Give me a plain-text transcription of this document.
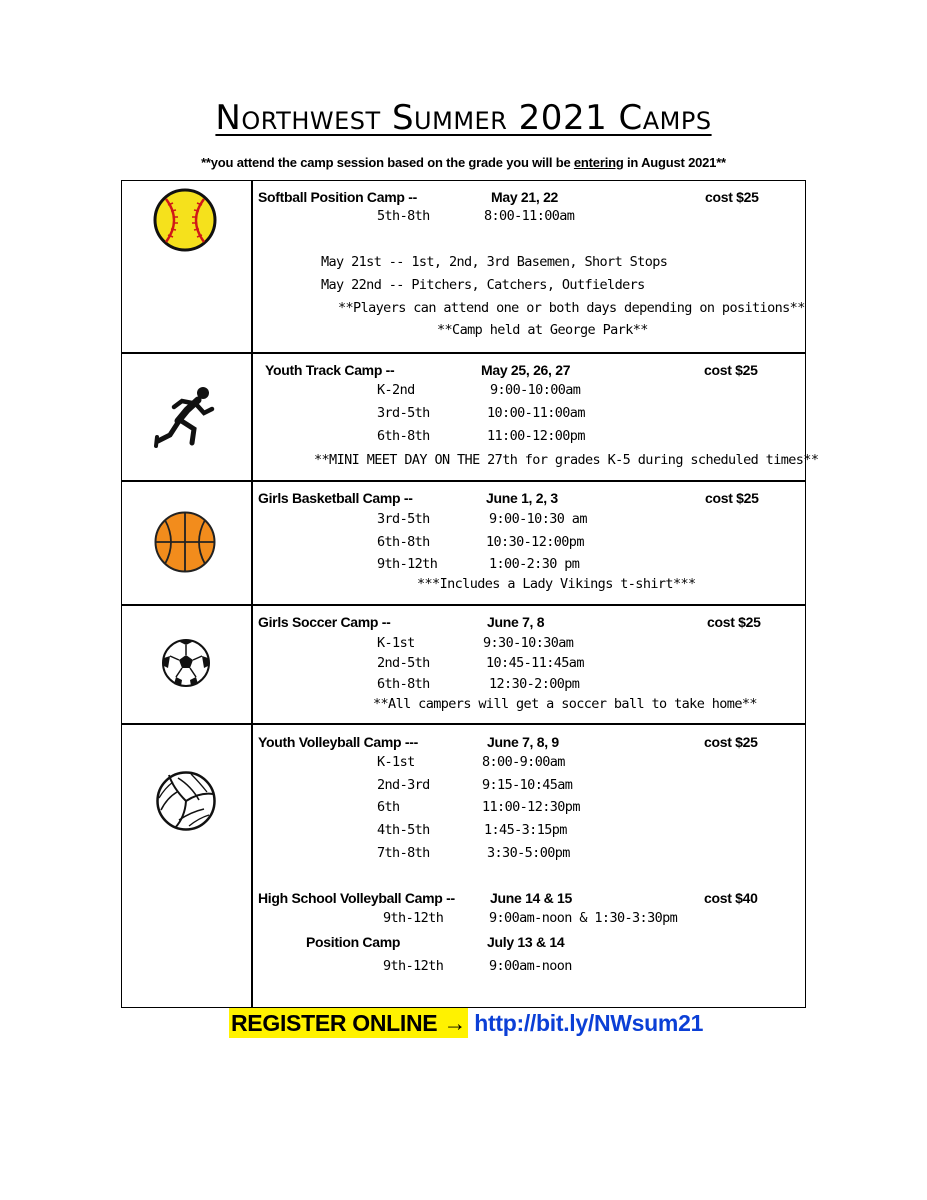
Northwest Summer 2021 Camps
**you attend the camp session based on the grade you will be entering in August 2021**
Softball Position Camp --	May 21, 22	cost $25
5th-8th	8:00-11:00am
May 21st -- 1st, 2nd, 3rd Basemen, Short Stops
May 22nd -- Pitchers, Catchers, Outfielders
**Players can attend one or both days depending on positions**
**Camp held at George Park**
Youth Track Camp --	May 25, 26, 27	cost $25
K-2nd	9:00-10:00am
3rd-5th	10:00-11:00am
6th-8th	11:00-12:00pm
**MINI MEET DAY ON THE 27th for grades K-5 during scheduled times**
Girls Basketball Camp --	June 1, 2, 3	cost $25
3rd-5th	9:00-10:30 am
6th-8th	10:30-12:00pm
9th-12th	1:00-2:30 pm
***Includes a Lady Vikings t-shirt***
Girls Soccer Camp --	June 7, 8	cost $25
K-1st	9:30-10:30am
2nd-5th	10:45-11:45am
6th-8th	12:30-2:00pm
**All campers will get a soccer ball to take home**
Youth Volleyball Camp ---	June 7, 8, 9	cost $25
K-1st	8:00-9:00am
2nd-3rd	9:15-10:45am
6th	11:00-12:30pm
4th-5th	1:45-3:15pm
7th-8th	3:30-5:00pm
High School Volleyball Camp --	June 14 & 15	cost $40
9th-12th	9:00am-noon & 1:30-3:30pm
Position Camp	July 13 & 14
9th-12th	9:00am-noon
REGISTER ONLINE → http://bit.ly/NWsum21
